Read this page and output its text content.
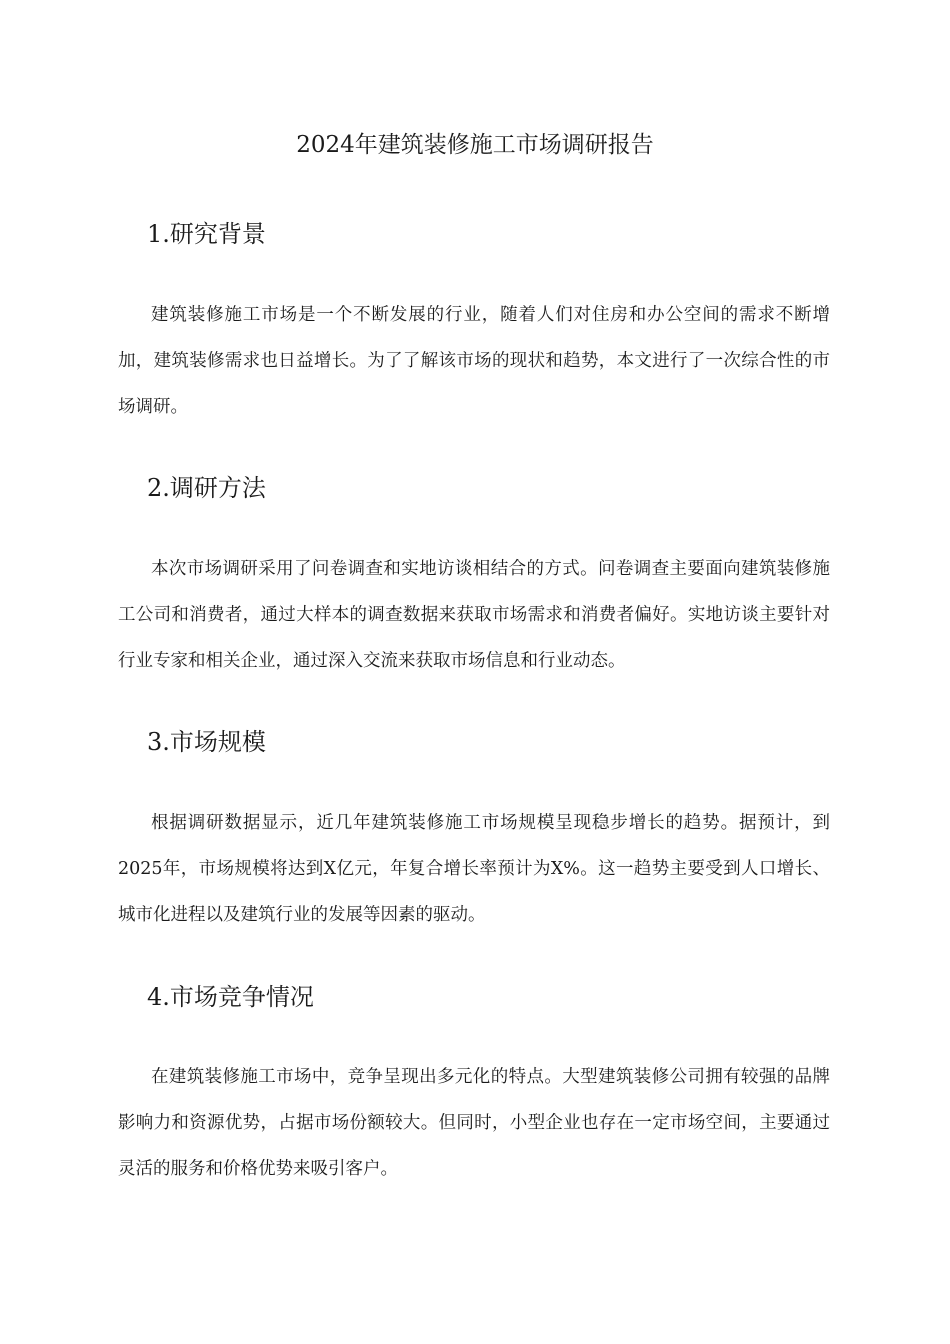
2024年建筑装修施工市场调研报告
1.研究背景

建筑装修施工市场是一个不断发展的行业，随着人们对住房和办公空间的需求不断增加，建筑装修需求也日益增长。为了了解该市场的现状和趋势，本文进行了一次综合性的市场调研。

2.调研方法

本次市场调研采用了问卷调查和实地访谈相结合的方式。问卷调查主要面向建筑装修施工公司和消费者，通过大样本的调查数据来获取市场需求和消费者偏好。实地访谈主要针对行业专家和相关企业，通过深入交流来获取市场信息和行业动态。

3.市场规模

根据调研数据显示，近几年建筑装修施工市场规模呈现稳步增长的趋势。据预计，到2025年，市场规模将达到X亿元，年复合增长率预计为X%。这一趋势主要受到人口增长、城市化进程以及建筑行业的发展等因素的驱动。

4.市场竞争情况

在建筑装修施工市场中，竞争呈现出多元化的特点。大型建筑装修公司拥有较强的品牌影响力和资源优势，占据市场份额较大。但同时，小型企业也存在一定市场空间，主要通过灵活的服务和价格优势来吸引客户。
